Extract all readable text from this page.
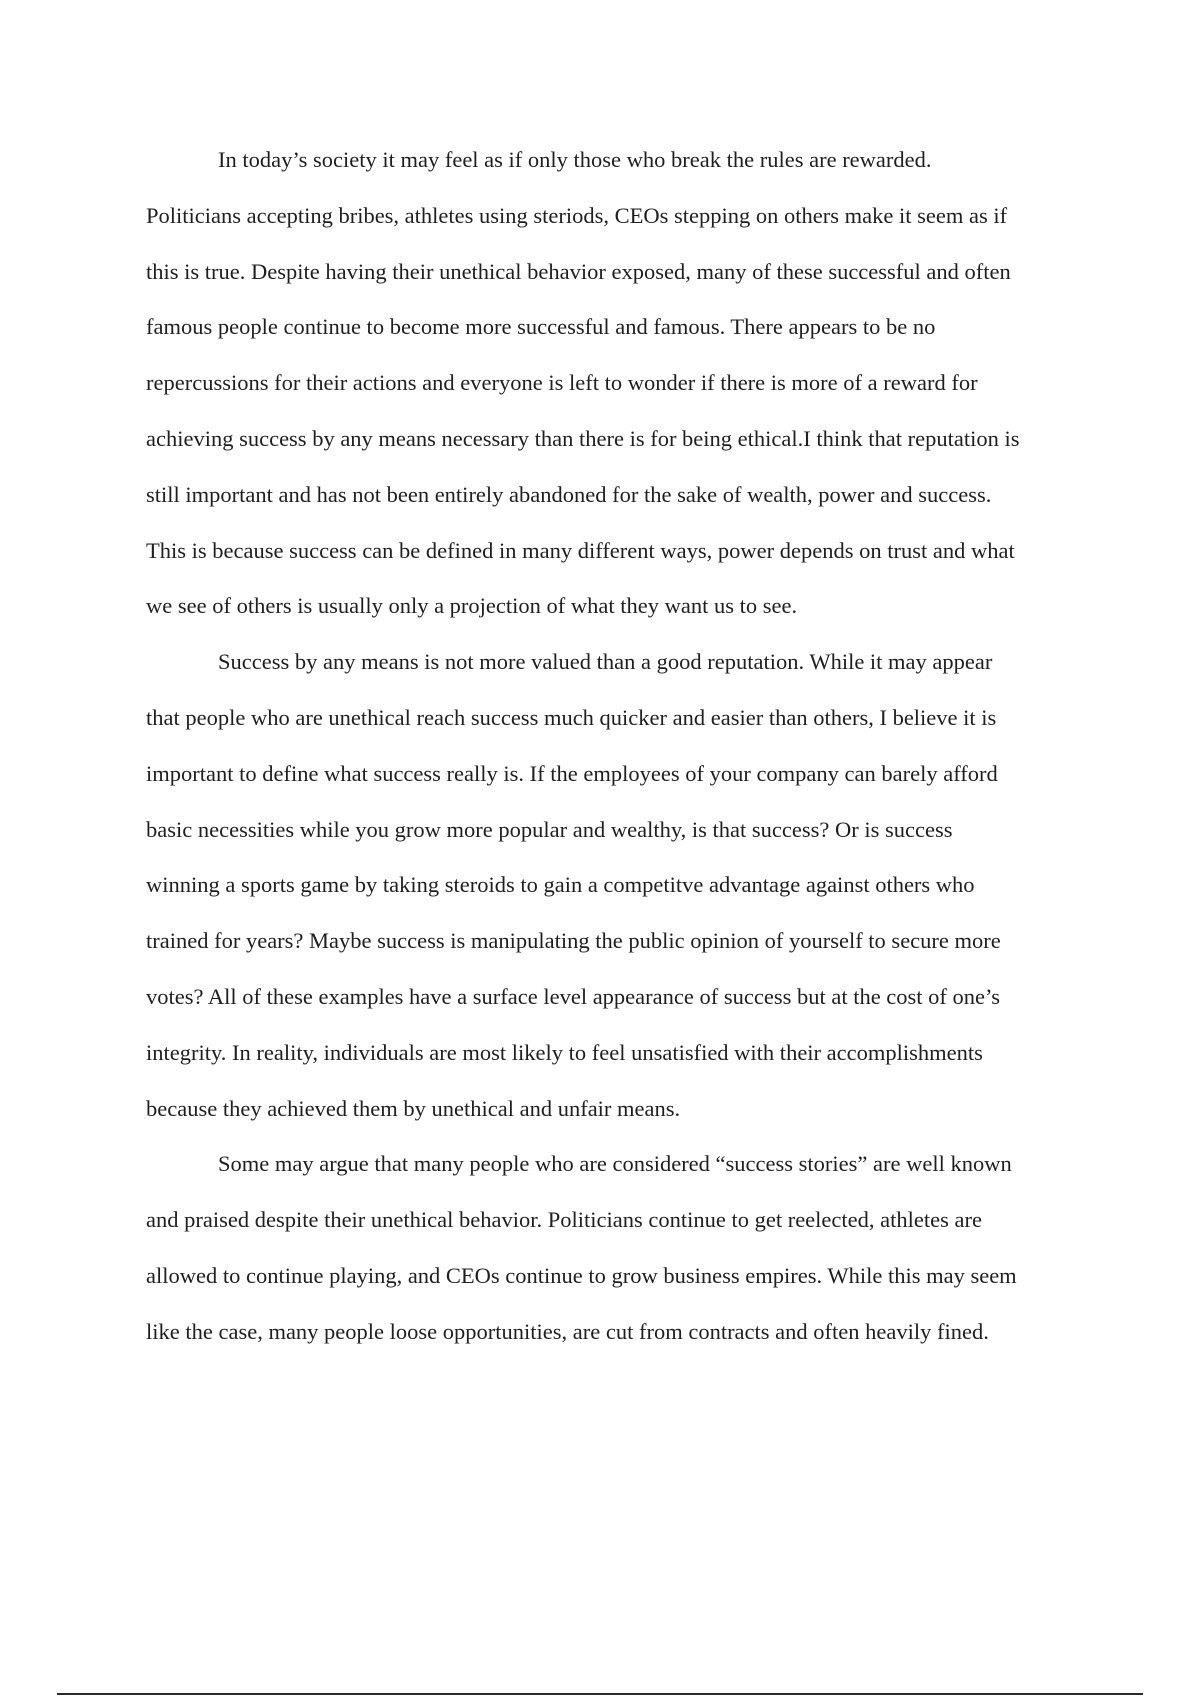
In today’s society it may feel as if only those who break the rules are rewarded.
Politicians accepting bribes, athletes using steriods, CEOs stepping on others make it seem as if
this is true. Despite having their unethical behavior exposed, many of these successful and often
famous people continue to become more successful and famous. There appears to be no
repercussions for their actions and everyone is left to wonder if there is more of a reward for
achieving success by any means necessary than there is for being ethical.I think that reputation is
still important and has not been entirely abandoned for the sake of wealth, power and success.
This is because success can be defined in many different ways, power depends on trust and what
we see of others is usually only a projection of what they want us to see.
Success by any means is not more valued than a good reputation. While it may appear
that people who are unethical reach success much quicker and easier than others, I believe it is
important to define what success really is. If the employees of your company can barely afford
basic necessities while you grow more popular and wealthy, is that success? Or is success
winning a sports game by taking steroids to gain a competitve advantage against others who
trained for years? Maybe success is manipulating the public opinion of yourself to secure more
votes? All of these examples have a surface level appearance of success but at the cost of one’s
integrity. In reality, individuals are most likely to feel unsatisfied with their accomplishments
because they achieved them by unethical and unfair means.
Some may argue that many people who are considered “success stories” are well known
and praised despite their unethical behavior. Politicians continue to get reelected, athletes are
allowed to continue playing, and CEOs continue to grow business empires. While this may seem
like the case, many people loose opportunities, are cut from contracts and often heavily fined.
